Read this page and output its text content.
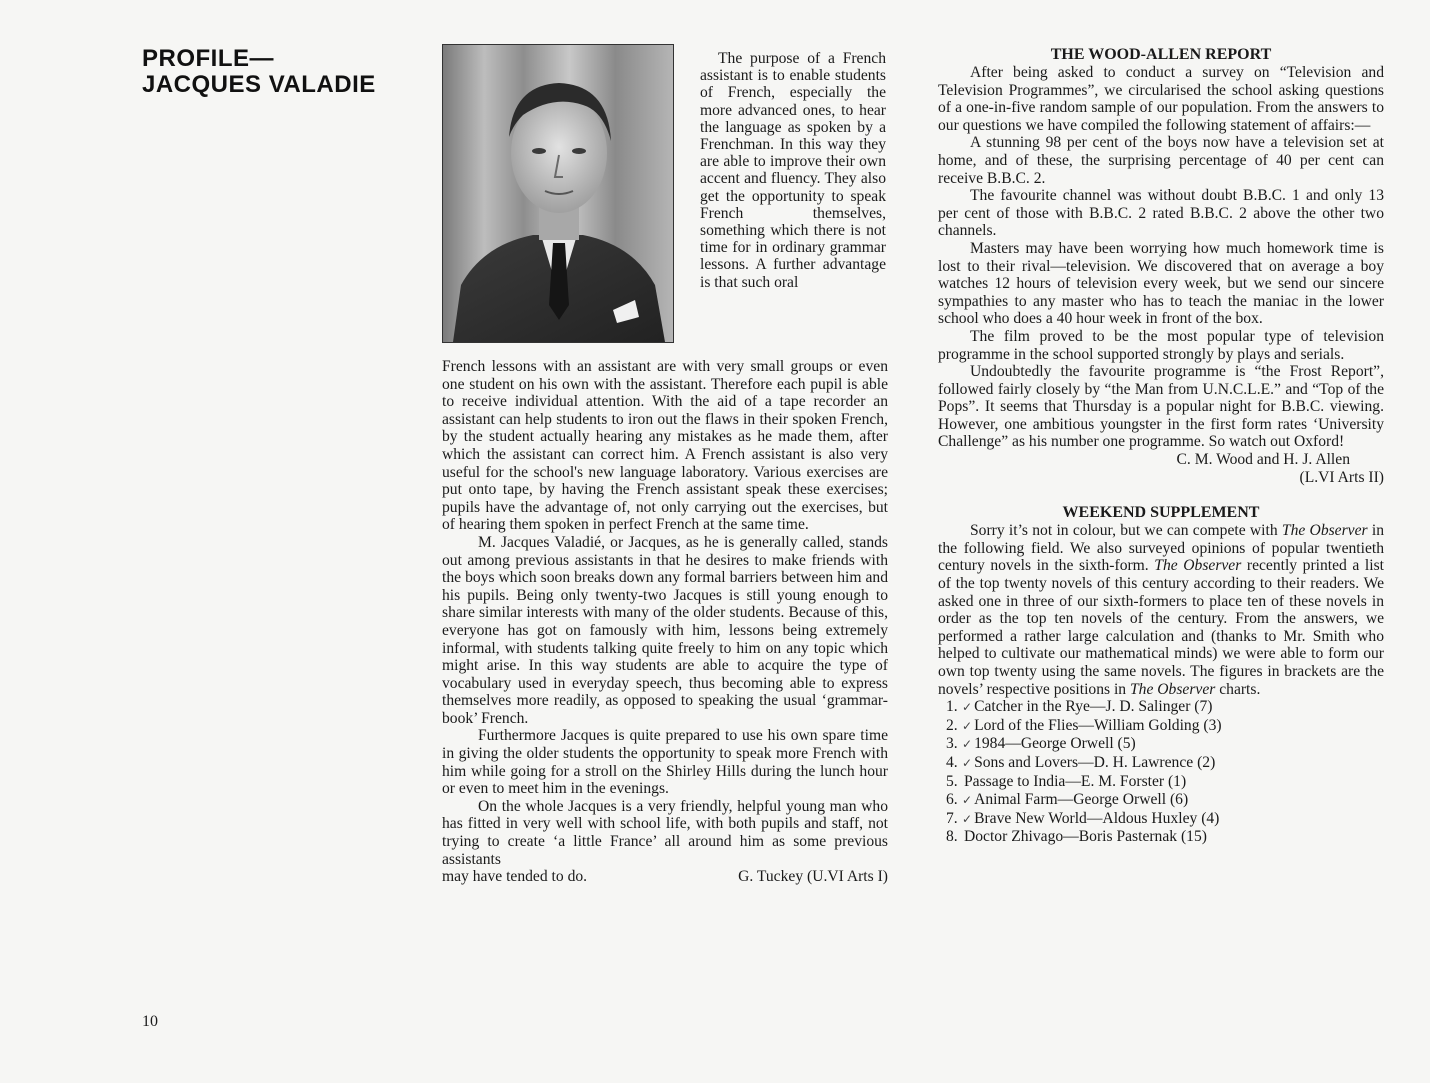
PROFILE—
JACQUES VALADIE

The purpose of a French assistant is to enable students of French, especially the more advanced ones, to hear the language as spoken by a Frenchman. In this way they are able to improve their own accent and fluency. They also get the opportunity to speak French themselves, something which there is not time for in ordinary grammar lessons. A further advantage is that such oral

French lessons with an assistant are with very small groups or even one student on his own with the assistant. Therefore each pupil is able to receive individual attention. With the aid of a tape recorder an assistant can help students to iron out the flaws in their spoken French, by the student actually hearing any mistakes as he made them, after which the assistant can correct him. A French assistant is also very useful for the school's new language laboratory. Various exercises are put onto tape, by having the French assistant speak these exercises; pupils have the advantage of, not only carrying out the exercises, but of hearing them spoken in perfect French at the same time.

M. Jacques Valadié, or Jacques, as he is generally called, stands out among previous assistants in that he desires to make friends with the boys which soon breaks down any formal barriers between him and his pupils. Being only twenty-two Jacques is still young enough to share similar interests with many of the older students. Because of this, everyone has got on famously with him, lessons being extremely informal, with students talking quite freely to him on any topic which might arise. In this way students are able to acquire the type of vocabulary used in everyday speech, thus becoming able to express themselves more readily, as opposed to speaking the usual ‘grammar-book’ French.

Furthermore Jacques is quite prepared to use his own spare time in giving the older students the opportunity to speak more French with him while going for a stroll on the Shirley Hills during the lunch hour or even to meet him in the evenings.

On the whole Jacques is a very friendly, helpful young man who has fitted in very well with school life, with both pupils and staff, not trying to create ‘a little France’ all around him as some previous assistants

may have tended to do.	G. Tuckey (U.VI Arts I)
10
THE WOOD-ALLEN REPORT

After being asked to conduct a survey on “Television and Television Programmes”, we circularised the school asking questions of a one-in-five random sample of our population. From the answers to our questions we have compiled the following statement of affairs:—

A stunning 98 per cent of the boys now have a television set at home, and of these, the surprising percentage of 40 per cent can receive B.B.C. 2.

The favourite channel was without doubt B.B.C. 1 and only 13 per cent of those with B.B.C. 2 rated B.B.C. 2 above the other two channels.

Masters may have been worrying how much homework time is lost to their rival—television. We discovered that on average a boy watches 12 hours of television every week, but we send our sincere sympathies to any master who has to teach the maniac in the lower school who does a 40 hour week in front of the box.

The film proved to be the most popular type of television programme in the school supported strongly by plays and serials.

Undoubtedly the favourite programme is “the Frost Report”, followed fairly closely by “the Man from U.N.C.L.E.” and “Top of the Pops”. It seems that Thursday is a popular night for B.B.C. viewing. However, one ambitious youngster in the first form rates ‘University Challenge” as his number one programme. So watch out Oxford!

C. M. Wood and H. J. Allen

(L.VI Arts II)

WEEKEND SUPPLEMENT

Sorry it’s not in colour, but we can compete with The Observer in the following field. We also surveyed opinions of popular twentieth century novels in the sixth-form. The Observer recently printed a list of the top twenty novels of this century according to their readers. We asked one in three of our sixth-formers to place ten of these novels in order as the top ten novels of the century. From the answers, we performed a rather large calculation and (thanks to Mr. Smith who helped to cultivate our mathematical minds) we were able to form our own top twenty using the same novels. The figures in brackets are the novels’ respective positions in The Observer charts.

1. ✓ Catcher in the Rye—J. D. Salinger (7)
2. ✓ Lord of the Flies—William Golding (3)
3. ✓ 1984—George Orwell (5)
4. ✓ Sons and Lovers—D. H. Lawrence (2)
5. Passage to India—E. M. Forster (1)
6. ✓ Animal Farm—George Orwell (6)
7. ✓ Brave New World—Aldous Huxley (4)
8. Doctor Zhivago—Boris Pasternak (15)
